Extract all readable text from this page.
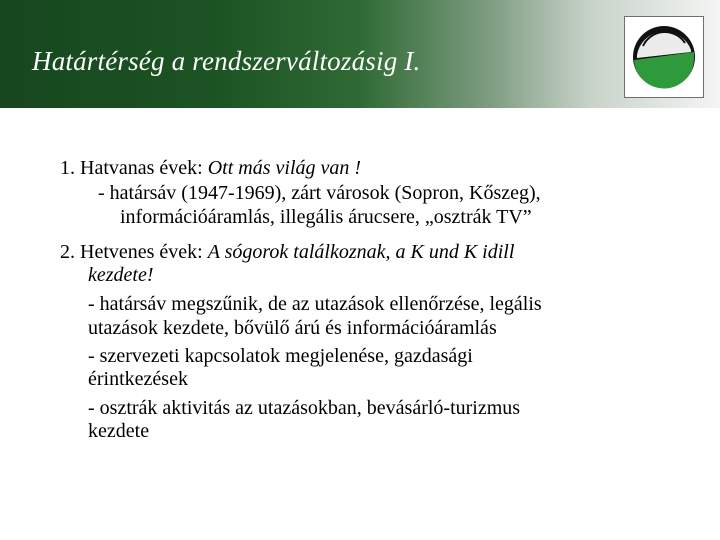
Határtérség a rendszerváltozásig I.
1. Hatvanas évek: Ott más világ van !
- határsáv (1947-1969), zárt városok (Sopron, Kőszeg),
információáramlás, illegális árucsere, „osztrák TV”
2. Hetvenes évek: A sógorok találkoznak, a K und K idill
kezdete!
- határsáv megszűnik, de az utazások ellenőrzése, legális
utazások kezdete, bővülő árú és információáramlás
- szervezeti kapcsolatok megjelenése, gazdasági
érintkezések
- osztrák aktivitás az utazásokban, bevásárló-turizmus
kezdete
